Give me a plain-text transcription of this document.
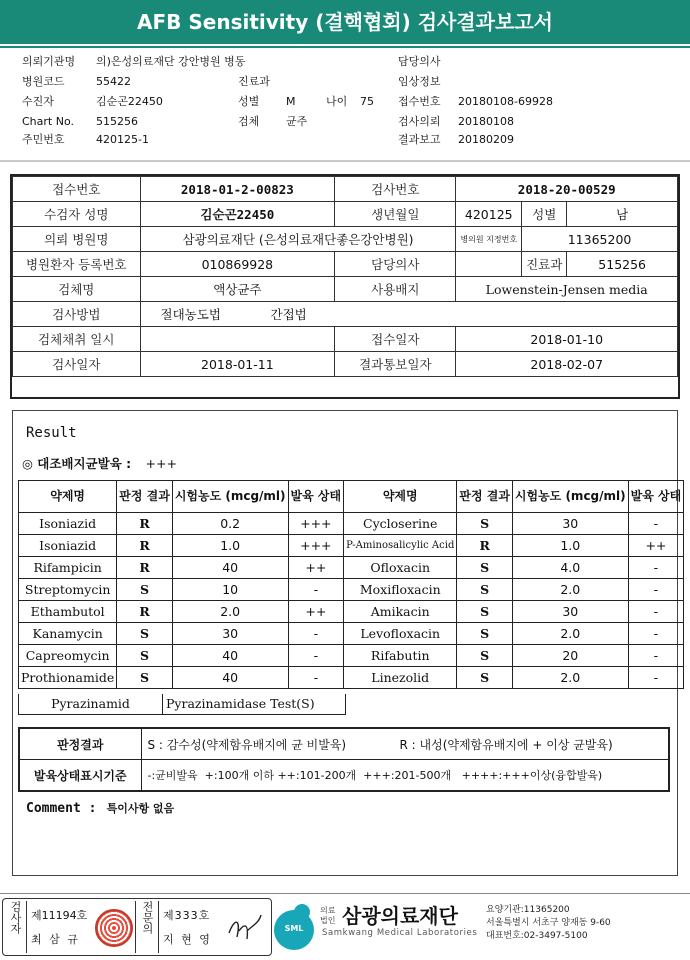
AFB Sensitivity (결핵협회) 검사결과보고서
의뢰기관명 의)은성의료재단 강안병원 병동
병원코드	55422
수진자	김순곤22450
Chart No. 515256
주민번호	420125-1
진료과
성별 M	나이 75
검체 균주
담당의사
임상정보
접수번호 20180108-69928
검사의뢰 20180108
결과보고 20180209
접수번호	2018-01-2-00823	검사번호	2018-20-00529		
수검자 성명	김순곤22450	생년월일	420125	성별	남
의뢰 병원명	삼광의료재단 (은성의료재단좋은강안병원)		병의원 지정번호	11365200	
병원환자 등록번호	010869928	담당의사		진료과	515256
검체명	액상균주	사용배지	Lowenstein-Jensen media		
검사방법	절대농도법 간접법				
검체채취 일시		접수일자	2018-01-10		
검사일자	2018-01-11	결과통보일자	2018-02-07		
Result
◎ 대조배지균발육 : +++
약제명	판정 결과	시험농도 (mcg/ml)	발육 상태	약제명	판정 결과	시험농도 (mcg/ml)	발육 상태
Isoniazid	R	0.2	+++	Cycloserine	S	30	-
Isoniazid	R	1.0	+++	P-Aminosalicylic Acid	R	1.0	++
Rifampicin	R	40	++	Ofloxacin	S	4.0	-
Streptomycin	S	10	-	Moxifloxacin	S	2.0	-
Ethambutol	R	2.0	++	Amikacin	S	30	-
Kanamycin	S	30	-	Levofloxacin	S	2.0	-
Capreomycin	S	40	-	Rifabutin	S	20	-
Prothionamide	S	40	-	Linezolid	S	2.0	-
Pyrazinamid	Pyrazinamidase Test(S)
판정결과	S : 감수성(약제함유배지에 균 비발육) R : 내성(약제함유배지에 + 이상 균발육)
발육상태표시기준	-:균비발육  +:100개 이하 ++:101-200개  +++:201-500개   ++++:+++이상(융합발육)
Comment : 특이사항 없음
검사자 제11194호
최 삼 규
전문의 제333호
지 현 영
SML
의료
법인 삼광의료재단
Samkwang Medical Laboratories
요양기관:11365200
서울특별시 서초구 양재동 9-60
대표번호:02-3497-5100
